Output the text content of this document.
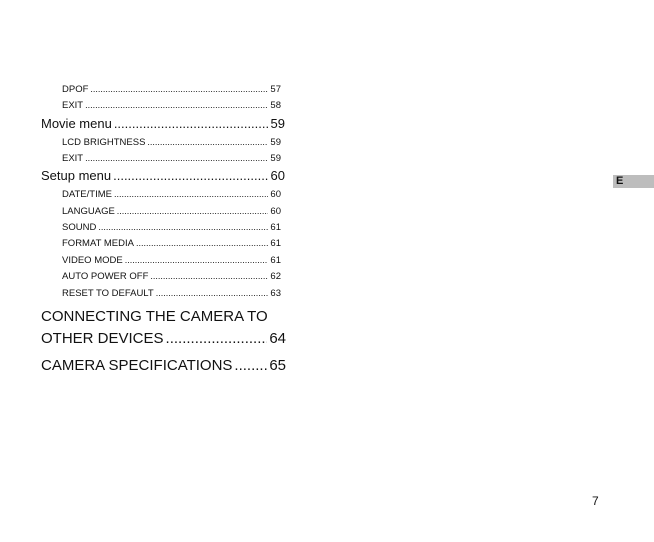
DPOF .....	57
EXIT .....	58
Movie menu .....	59
LCD BRIGHTNESS .....	59
EXIT .....	59
Setup menu .....	60
DATE/TIME .....	60
LANGUAGE .....	60
SOUND .....	61
FORMAT MEDIA .....	61
VIDEO MODE .....	61
AUTO POWER OFF .....	62
RESET TO DEFAULT .....	63
CONNECTING THE CAMERA TO
OTHER DEVICES .....	64
CAMERA SPECIFICATIONS ..... 65
E
7
